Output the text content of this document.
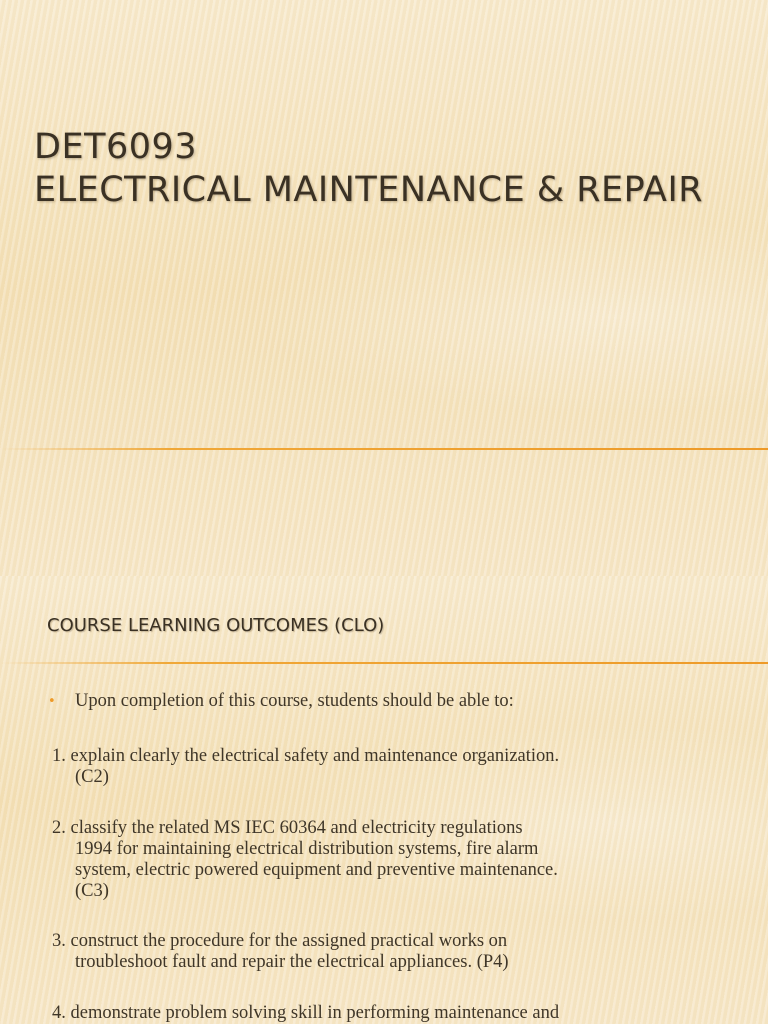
DET6093
ELECTRICAL MAINTENANCE & REPAIR
COURSE LEARNING OUTCOMES (CLO)
•	Upon completion of this course, students should be able to:
1. explain clearly the electrical safety and maintenance organization.
(C2)
2. classify the related MS IEC 60364 and electricity regulations
1994 for maintaining electrical distribution systems, fire alarm
system, electric powered equipment and preventive maintenance.
(C3)
3. construct the procedure for the assigned practical works on
troubleshoot fault and repair the electrical appliances. (P4)
4. demonstrate problem solving skill in performing maintenance and
